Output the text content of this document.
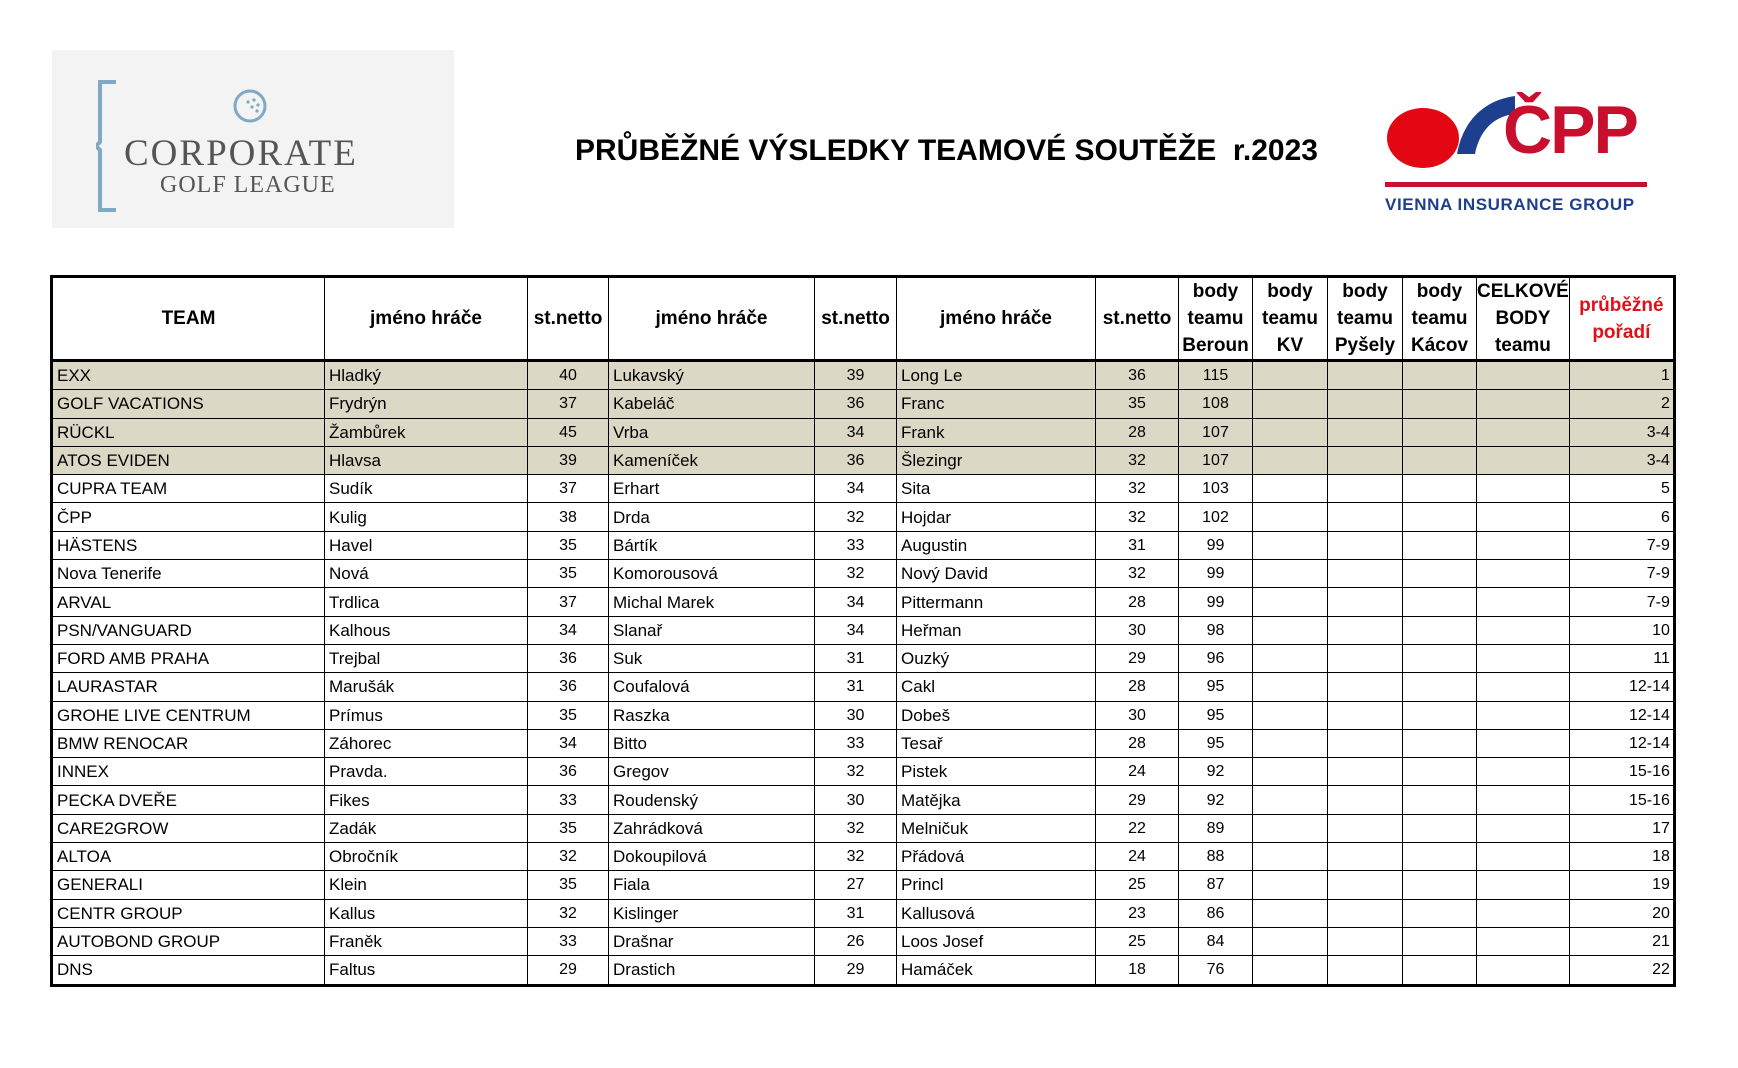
CORPORATE
GOLF LEAGUE
PRŮBĚŽNÉ VÝSLEDKY TEAMOVÉ SOUTĚŽE  r.2023	ČPP
VIENNA INSURANCE GROUP
TEAM	jméno hráče	st.netto	jméno hráče	st.netto	jméno hráče	st.netto	body teamu Beroun	body teamu KV	body teamu Pyšely	body teamu Kácov	CELKOVÉ BODY teamu	průběžné pořadí
EXX	Hladký	40	Lukavský	39	Long Le	36	115					1
GOLF VACATIONS	Frydrýn	37	Kabeláč	36	Franc	35	108					2
RÜCKL	Žambůrek	45	Vrba	34	Frank	28	107					3-4
ATOS EVIDEN	Hlavsa	39	Kameníček	36	Šlezingr	32	107					3-4
CUPRA TEAM	Sudík	37	Erhart	34	Sita	32	103					5
ČPP	Kulig	38	Drda	32	Hojdar	32	102					6
HÄSTENS	Havel	35	Bártík	33	Augustin	31	99					7-9
Nova Tenerife	Nová	35	Komorousová	32	Nový David	32	99					7-9
ARVAL	Trdlica	37	Michal Marek	34	Pittermann	28	99					7-9
PSN/VANGUARD	Kalhous	34	Slanař	34	Heřman	30	98					10
FORD AMB PRAHA	Trejbal	36	Suk	31	Ouzký	29	96					11
LAURASTAR	Marušák	36	Coufalová	31	Cakl	28	95					12-14
GROHE LIVE CENTRUM	Prímus	35	Raszka	30	Dobeš	30	95					12-14
BMW RENOCAR	Záhorec	34	Bitto	33	Tesař	28	95					12-14
INNEX	Pravda.	36	Gregov	32	Pistek	24	92					15-16
PECKA DVEŘE	Fikes	33	Roudenský	30	Matějka	29	92					15-16
CARE2GROW	Zadák	35	Zahrádková	32	Melničuk	22	89					17
ALTOA	Obročník	32	Dokoupilová	32	Přádová	24	88					18
GENERALI	Klein	35	Fiala	27	Princl	25	87					19
CENTR GROUP	Kallus	32	Kislinger	31	Kallusová	23	86					20
AUTOBOND GROUP	Franěk	33	Drašnar	26	Loos Josef	25	84					21
DNS	Faltus	29	Drastich	29	Hamáček	18	76					22
